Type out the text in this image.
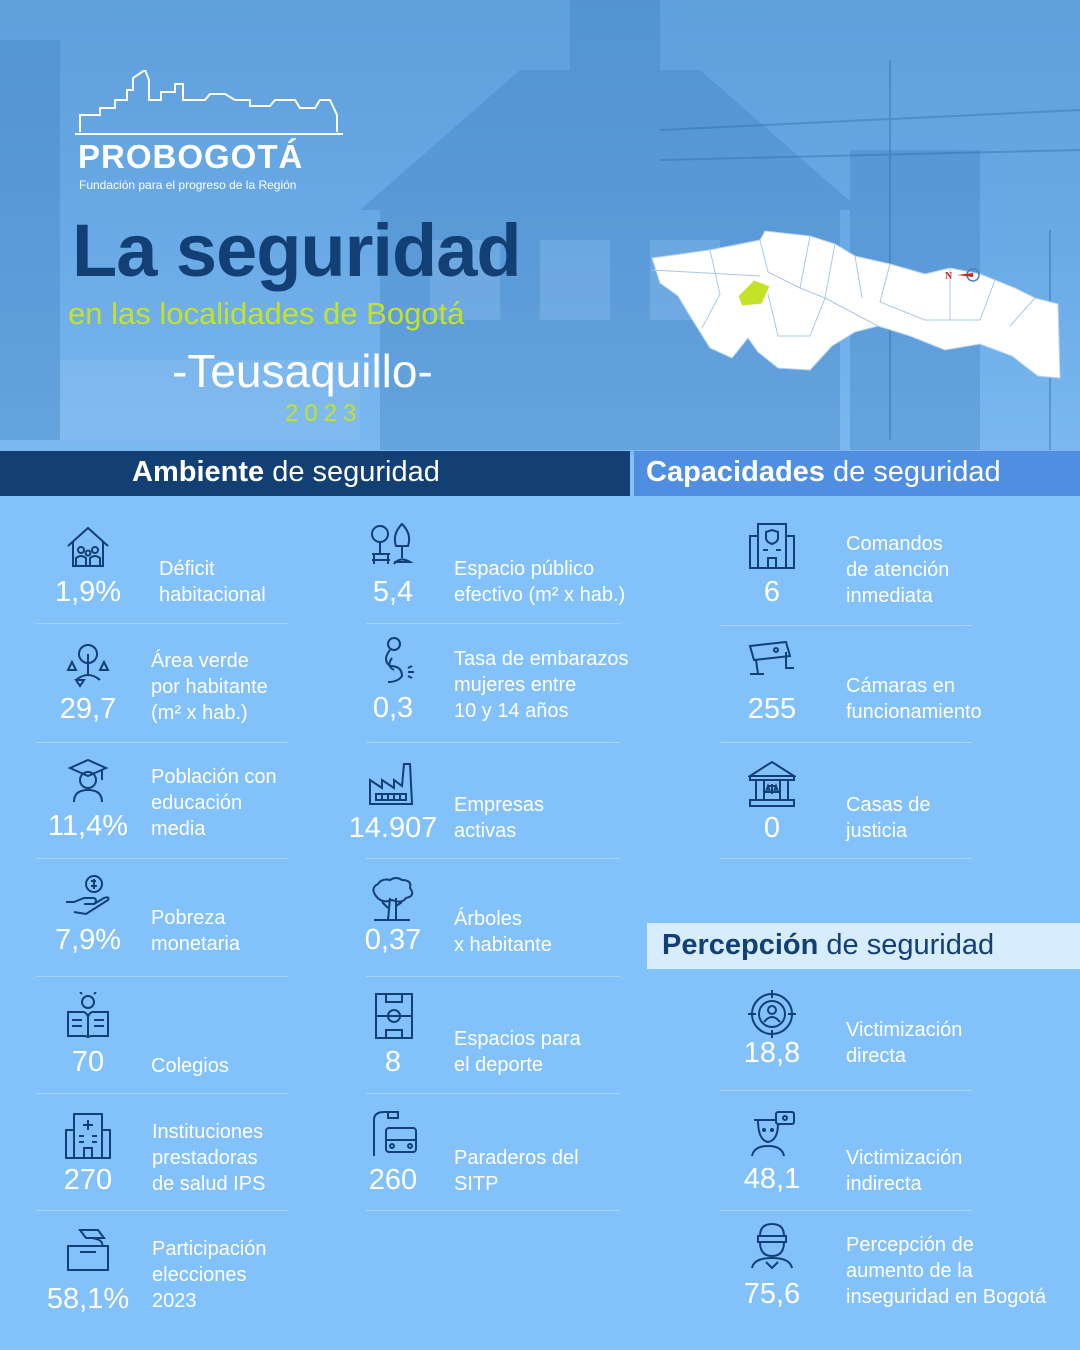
PROBOGOTÁ
Fundación para el progreso de la Región
La seguridad
en las localidades de Bogotá
-Teusaquillo-
2023
N
Ambiente de seguridad	Capacidades de seguridad
Percepción de seguridad
1,9%
Déficit
habitacional
29,7
Área verde
por habitante
(m² x hab.)
11,4%
Población con
educación
media
7,9%
Pobreza
monetaria
70	Colegios
270
Instituciones
prestadoras
de salud IPS
58,1%
Participación
elecciones
2023
5,4
Espacio público
efectivo (m² x hab.)
0,3
Tasa de embarazos
mujeres entre
10 y 14 años
14.907
Empresas
activas
0,37
Árboles
x habitante
8
Espacios para
el deporte
260
Paraderos del
SITP
6
Comandos
de atención
inmediata
255
Cámaras en
funcionamiento
0
Casas de
justicia
18,8
Victimización
directa
48,1
Victimización
indirecta
75,6
Percepción de
aumento de la
inseguridad en Bogotá
